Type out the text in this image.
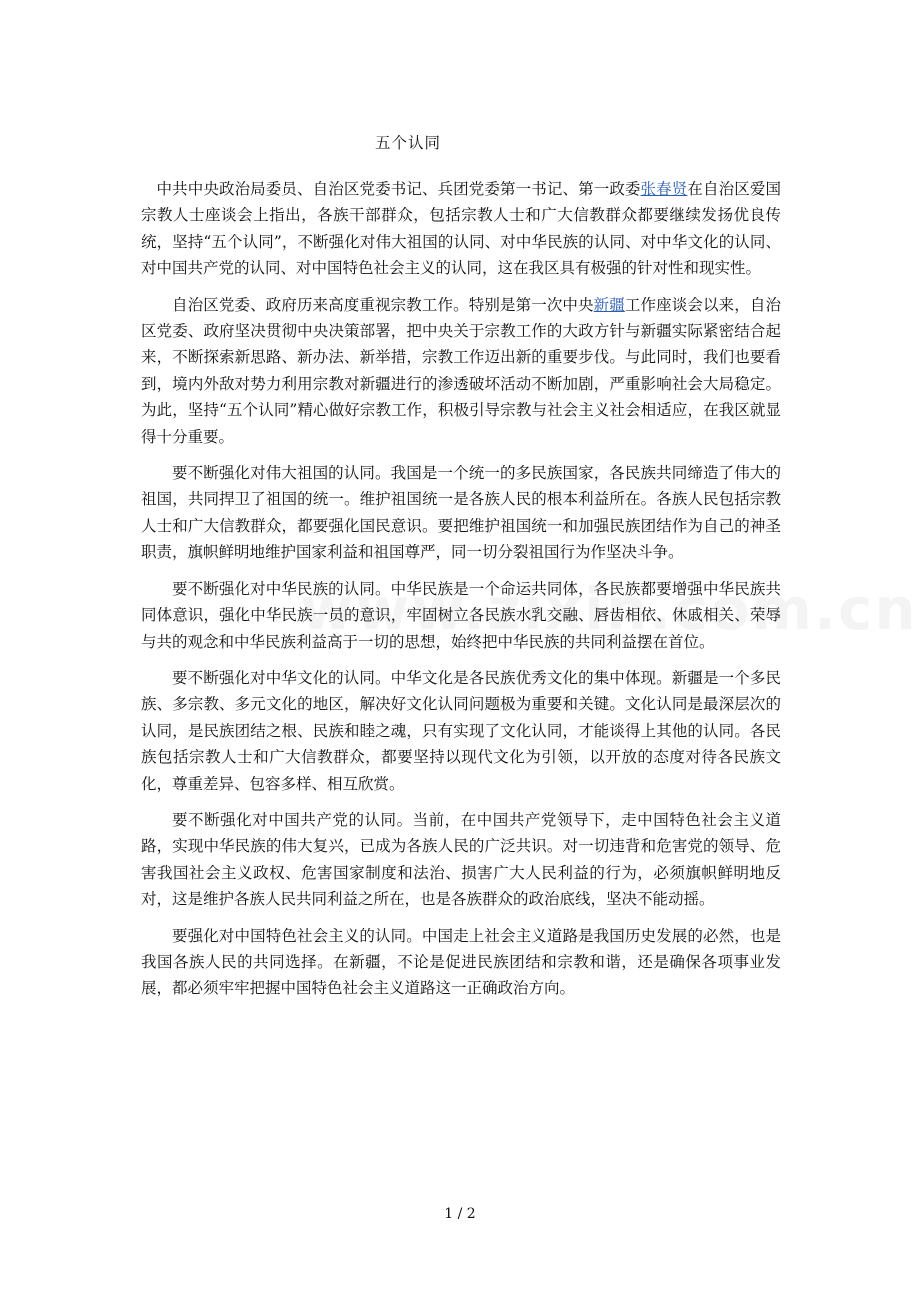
五个认同

中共中央政治局委员、自治区党委书记、兵团党委第一书记、第一政委张春贤在自治区爱国宗教人士座谈会上指出，各族干部群众，包括宗教人士和广大信教群众都要继续发扬优良传统，坚持“五个认同”，不断强化对伟大祖国的认同、对中华民族的认同、对中华文化的认同、对中国共产党的认同、对中国特色社会主义的认同，这在我区具有极强的针对性和现实性。

自治区党委、政府历来高度重视宗教工作。特别是第一次中央新疆工作座谈会以来，自治区党委、政府坚决贯彻中央决策部署，把中央关于宗教工作的大政方针与新疆实际紧密结合起来，不断探索新思路、新办法、新举措，宗教工作迈出新的重要步伐。与此同时，我们也要看到，境内外敌对势力利用宗教对新疆进行的渗透破坏活动不断加剧，严重影响社会大局稳定。为此，坚持“五个认同”精心做好宗教工作，积极引导宗教与社会主义社会相适应，在我区就显得十分重要。

要不断强化对伟大祖国的认同。我国是一个统一的多民族国家，各民族共同缔造了伟大的祖国，共同捍卫了祖国的统一。维护祖国统一是各族人民的根本利益所在。各族人民包括宗教人士和广大信教群众，都要强化国民意识。要把维护祖国统一和加强民族团结作为自己的神圣职责，旗帜鲜明地维护国家利益和祖国尊严，同一切分裂祖国行为作坚决斗争。

要不断强化对中华民族的认同。中华民族是一个命运共同体，各民族都要增强中华民族共同体意识，强化中华民族一员的意识，牢固树立各民族水乳交融、唇齿相依、休戚相关、荣辱与共的观念和中华民族利益高于一切的思想，始终把中华民族的共同利益摆在首位。

要不断强化对中华文化的认同。中华文化是各民族优秀文化的集中体现。新疆是一个多民族、多宗教、多元文化的地区，解决好文化认同问题极为重要和关键。文化认同是最深层次的认同，是民族团结之根、民族和睦之魂，只有实现了文化认同，才能谈得上其他的认同。各民族包括宗教人士和广大信教群众，都要坚持以现代文化为引领，以开放的态度对待各民族文化，尊重差异、包容多样、相互欣赏。

要不断强化对中国共产党的认同。当前，在中国共产党领导下，走中国特色社会主义道路，实现中华民族的伟大复兴，已成为各族人民的广泛共识。对一切违背和危害党的领导、危害我国社会主义政权、危害国家制度和法治、损害广大人民利益的行为，必须旗帜鲜明地反对，这是维护各族人民共同利益之所在，也是各族群众的政治底线，坚决不能动摇。

要强化对中国特色社会主义的认同。中国走上社会主义道路是我国历史发展的必然，也是我国各族人民的共同选择。在新疆，不论是促进民族团结和宗教和谐，还是确保各项事业发展，都必须牢牢把握中国特色社会主义道路这一正确政治方向。

1 / 2
